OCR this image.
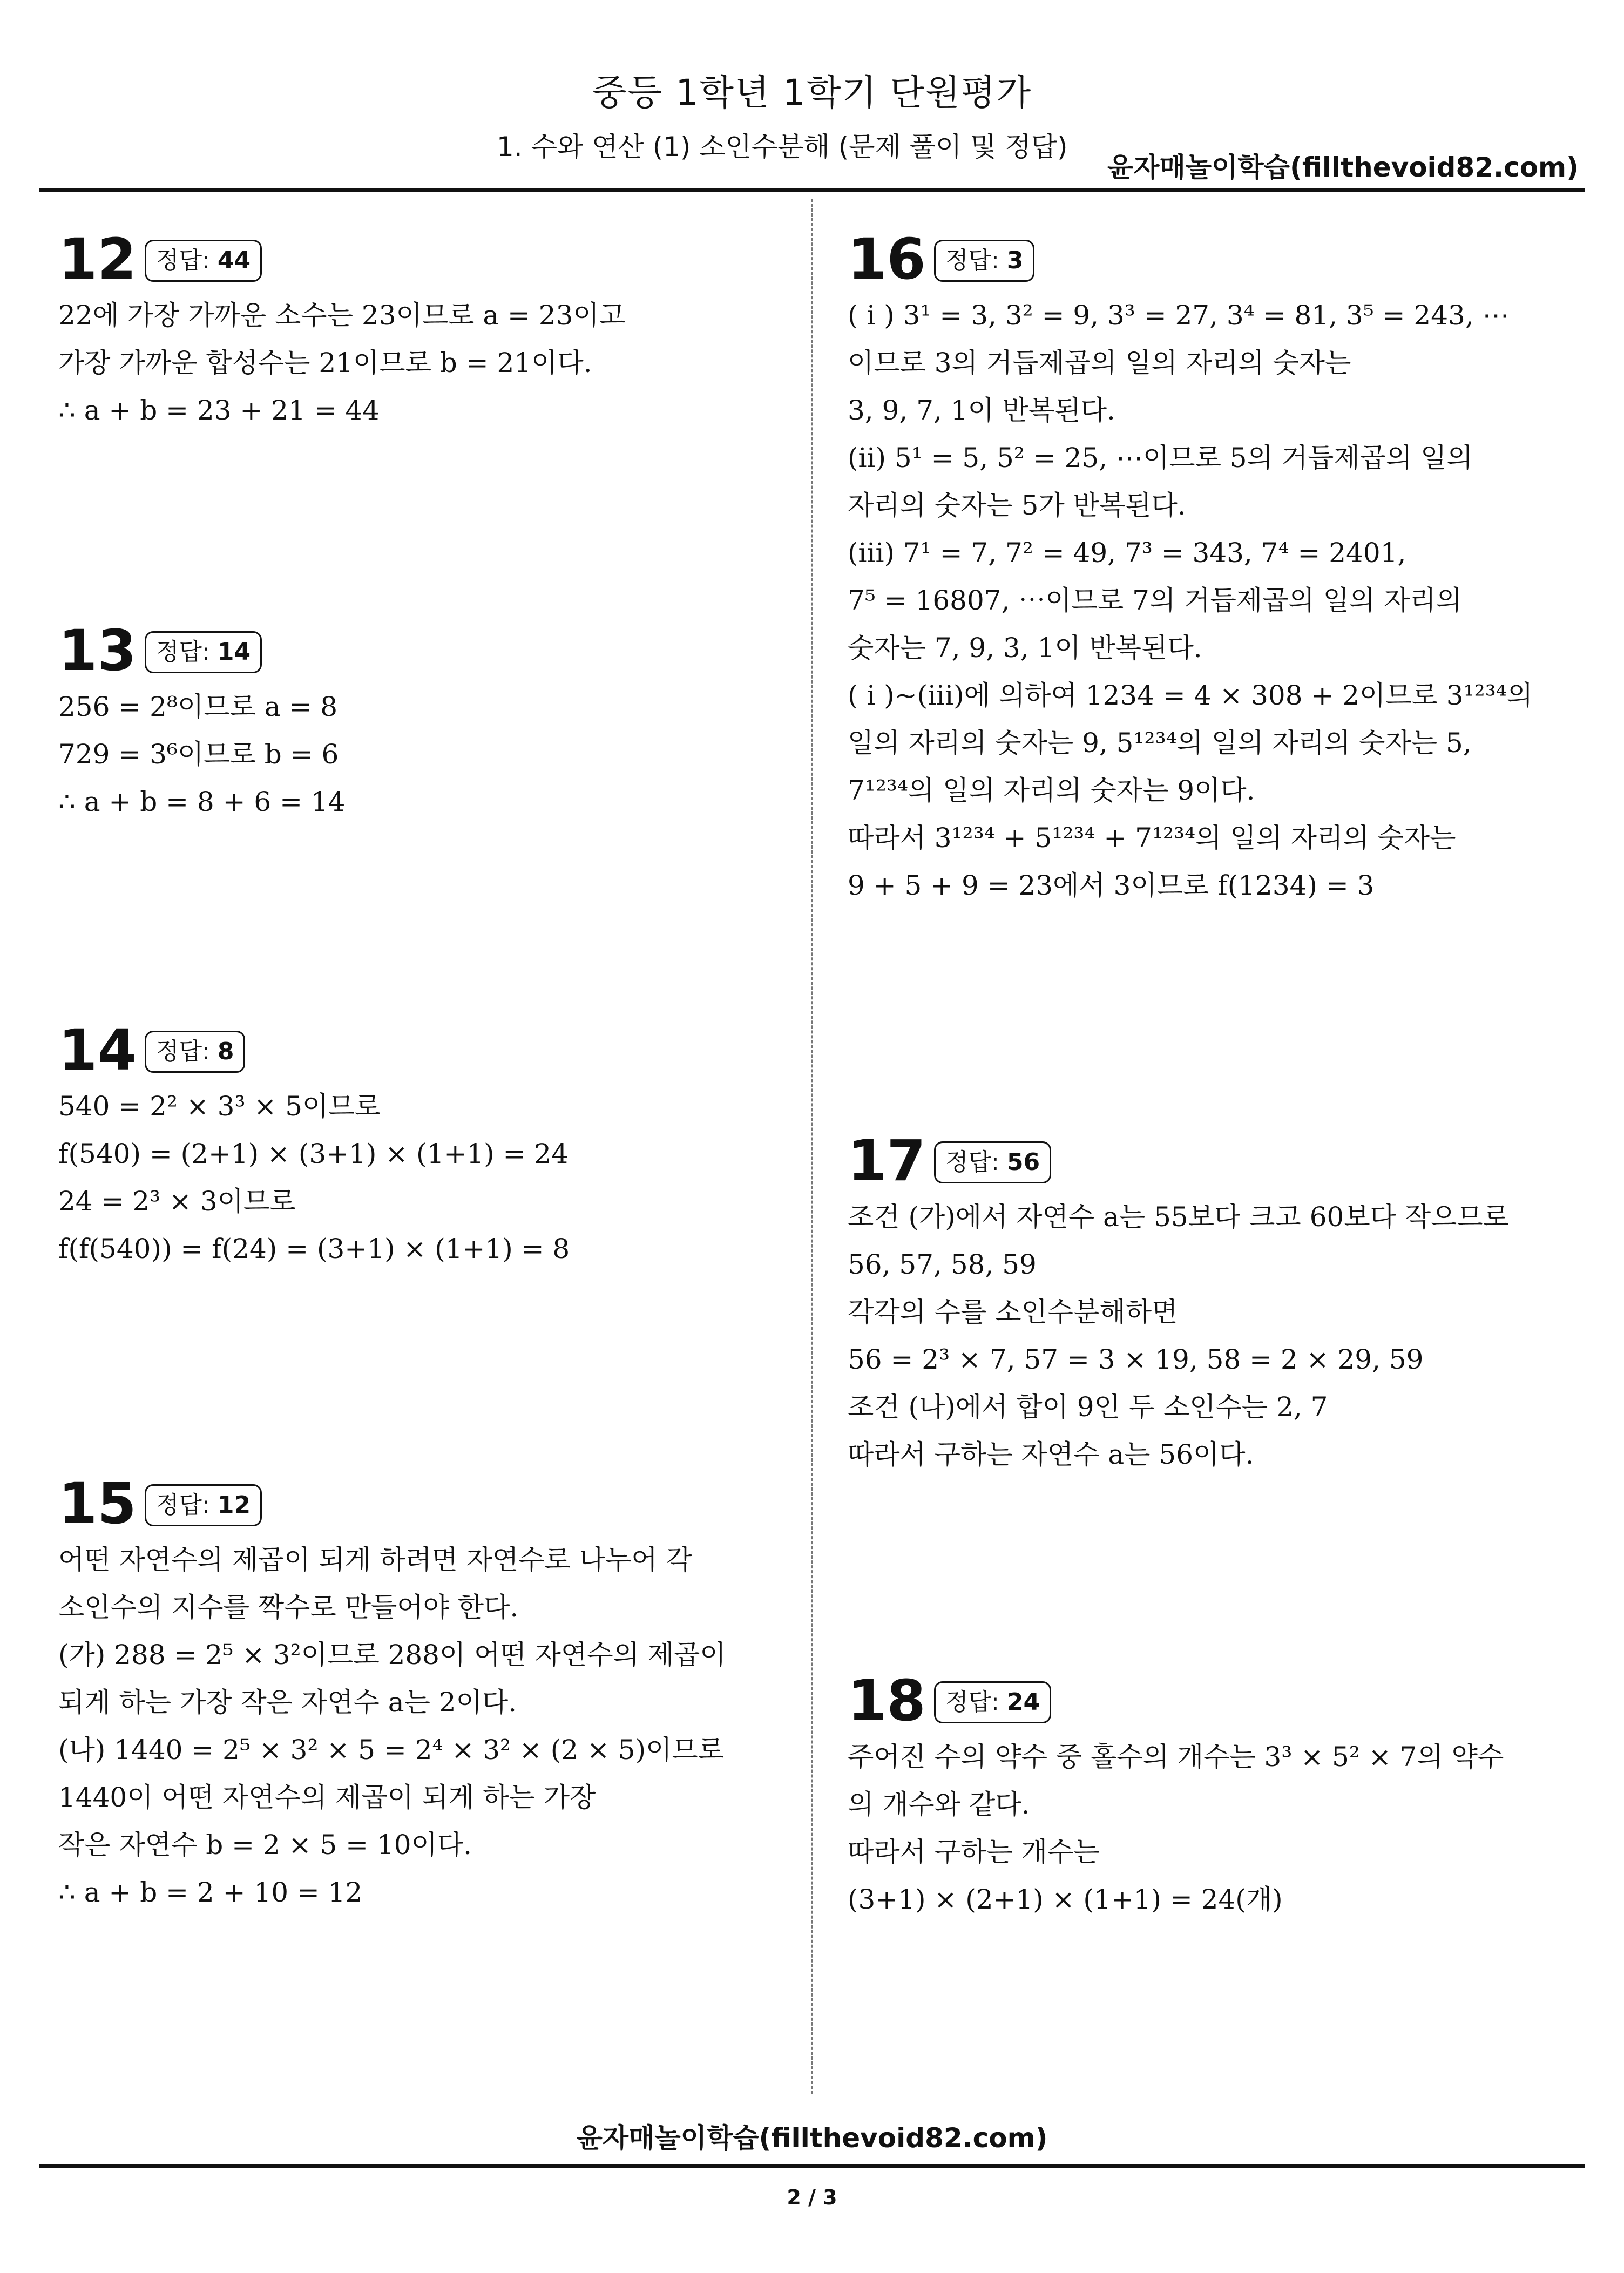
중등 1학년 1학기 단원평가
1. 수와 연산 (1) 소인수분해 (문제 풀이 및 정답)
윤자매놀이학습(fillthevoid82.com)
12 정답: 44
22에 가장 가까운 소수는 23이므로 a = 23이고
가장 가까운 합성수는 21이므로 b = 21이다.
∴ a + b = 23 + 21 = 44
13 정답: 14
256 = 2⁸이므로 a = 8
729 = 3⁶이므로 b = 6
∴ a + b = 8 + 6 = 14
14 정답: 8
540 = 2² × 3³ × 5이므로
f(540) = (2+1) × (3+1) × (1+1) = 24
24 = 2³ × 3이므로
f(f(540)) = f(24) = (3+1) × (1+1) = 8
15 정답: 12
어떤 자연수의 제곱이 되게 하려면 자연수로 나누어 각
소인수의 지수를 짝수로 만들어야 한다.
(가) 288 = 2⁵ × 3²이므로 288이 어떤 자연수의 제곱이
되게 하는 가장 작은 자연수 a는 2이다.
(나) 1440 = 2⁵ × 3² × 5 = 2⁴ × 3² × (2 × 5)이므로
1440이 어떤 자연수의 제곱이 되게 하는 가장
작은 자연수 b = 2 × 5 = 10이다.
∴ a + b = 2 + 10 = 12
16 정답: 3
( i ) 3¹ = 3, 3² = 9, 3³ = 27, 3⁴ = 81, 3⁵ = 243, ⋯
이므로 3의 거듭제곱의 일의 자리의 숫자는
3, 9, 7, 1이 반복된다.
(ii) 5¹ = 5, 5² = 25, ⋯이므로 5의 거듭제곱의 일의
자리의 숫자는 5가 반복된다.
(iii) 7¹ = 7, 7² = 49, 7³ = 343, 7⁴ = 2401,
7⁵ = 16807, ⋯이므로 7의 거듭제곱의 일의 자리의
숫자는 7, 9, 3, 1이 반복된다.
( i )~(iii)에 의하여 1234 = 4 × 308 + 2이므로 3¹²³⁴의
일의 자리의 숫자는 9, 5¹²³⁴의 일의 자리의 숫자는 5,
7¹²³⁴의 일의 자리의 숫자는 9이다.
따라서 3¹²³⁴ + 5¹²³⁴ + 7¹²³⁴의 일의 자리의 숫자는
9 + 5 + 9 = 23에서 3이므로 f(1234) = 3
17 정답: 56
조건 (가)에서 자연수 a는 55보다 크고 60보다 작으므로
56, 57, 58, 59
각각의 수를 소인수분해하면
56 = 2³ × 7, 57 = 3 × 19, 58 = 2 × 29, 59
조건 (나)에서 합이 9인 두 소인수는 2, 7
따라서 구하는 자연수 a는 56이다.
18 정답: 24
주어진 수의 약수 중 홀수의 개수는 3³ × 5² × 7의 약수
의 개수와 같다.
따라서 구하는 개수는
(3+1) × (2+1) × (1+1) = 24(개)
윤자매놀이학습(fillthevoid82.com)
2 / 3
